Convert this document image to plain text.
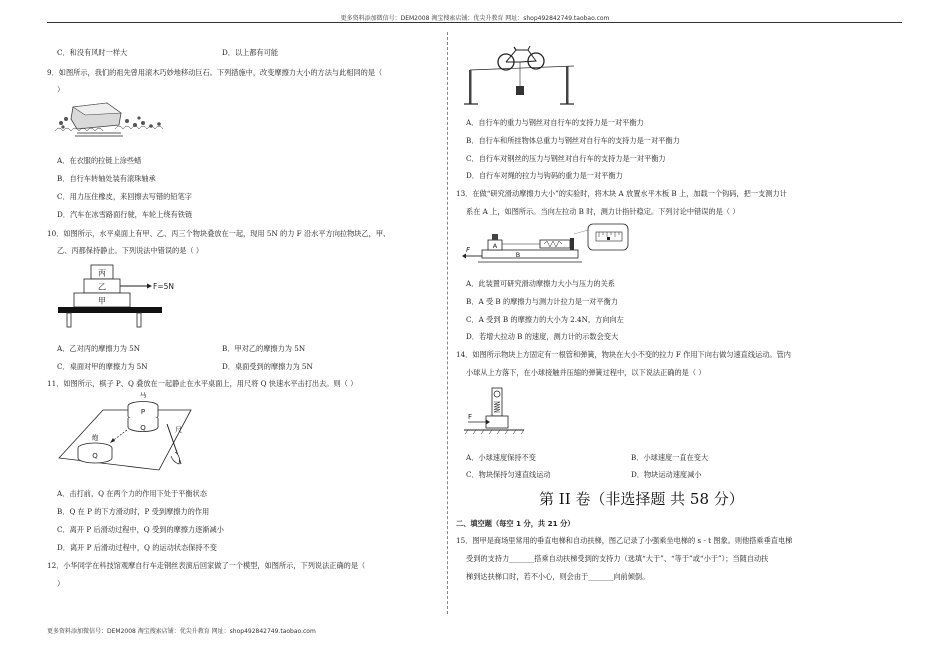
更多资料添加微信号：DEM2008 淘宝搜索店铺：优尖升教育 网址：shop492842749.taobao.com
C．和没有风时一样大	D．以上都有可能
9．如图所示，我们的祖先曾用滚木巧妙地移动巨石。下列措施中，改变摩擦力大小的方法与此相同的是（
）
A．在衣服的拉链上涂些蜡
B．自行车转轴处装有滚珠轴承
C．用力压住橡皮，来回擦去写错的铅笔字
D．汽车在冰雪路面行驶，车轮上绕有铁链
10．如图所示，水平桌面上有甲、乙、丙三个物块叠放在一起，现用 5N 的力 F 沿水平方向拉物块乙，甲、
乙、丙都保持静止。下列说法中错误的是（ ）
丙
乙
甲
F=5N
A．乙对丙的摩擦力为 5N	B．甲对乙的摩擦力为 5N
C．桌面对甲的摩擦力为 5N	D．桌面受到的摩擦力为 5N
11．如图所示，棋子 P、Q 叠放在一起静止在水平桌面上，用尺将 Q 快速水平击打出去。则（ ）
马
P
Q
炮
Q
尺
A．击打前，Q 在两个力的作用下处于平衡状态
B．Q 在 P 的下方滑动时，P 受到摩擦力的作用
C．离开 P 后滑动过程中，Q 受到的摩擦力逐渐减小
D．离开 P 后滑动过程中，Q 的运动状态保持不变
12．小华同学在科技馆观摩自行车走钢丝表演后回家做了一个模型，如图所示，下列说法正确的是（
）
A．自行车的重力与钢丝对自行车的支持力是一对平衡力
B．自行车和所挂物体总重力与钢丝对自行车的支持力是一对平衡力
C．自行车对钢丝的压力与钢丝对自行车的支持力是一对平衡力
D．自行车对绳的拉力与钩码的重力是一对平衡力
13．在做“研究滑动摩擦力大小”的实验时，将木块 A 放置水平木板 B 上，加载一个钩码，把一支测力计
系在 A 上，如图所示。当向左拉动 B 时，测力计指针稳定。下列讨论中错误的是（ ）
F
B
A
A．此装置可研究滑动摩擦力大小与压力的关系
B．A 受 B 的摩擦力与测力计拉力是一对平衡力
C．A 受到 B 的摩擦力的大小为 2.4N，方向向左
D．若增大拉动 B 的速度，测力计的示数会变大
14．如图所示物块上方固定有一根管和弹簧，物块在大小不变的拉力 F 作用下向右做匀速直线运动。管内
小球从上方落下，在小球接触并压缩的弹簧过程中，以下说法正确的是（ ）
F
A．小球速度保持不变	B．小球速度一直在变大
C．物块保持匀速直线运动	D．物块运动速度减小
第 II 卷（非选择题 共 58 分）
二、填空题（每空 1 分，共 21 分）
15．图甲是商场里常用的垂直电梯和自动扶梯，图乙记录了小强乘坐电梯的 s - t 图象。则他搭乘垂直电梯
受到的支持力_______搭乘自动扶梯受到的支持力（选填“大于”、“等于”或“小于”）；当随自动扶
梯到达扶梯口时，若不小心，则会由于_______向前倾倒。
更多资料添加微信号：DEM2008 淘宝搜索店铺：优尖升教育 网址：shop492842749.taobao.com
